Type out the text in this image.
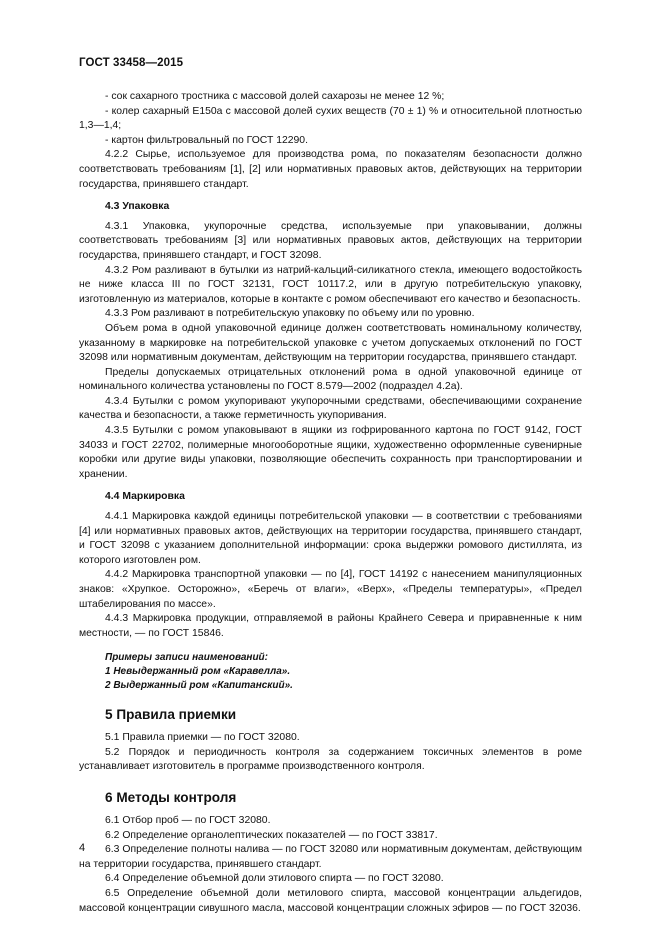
ГОСТ 33458—2015

- сок сахарного тростника с массовой долей сахарозы не менее 12 %;

- колер сахарный E150а с массовой долей сухих веществ (70 ± 1) % и относительной плотностью 1,3—1,4;

- картон фильтровальный по ГОСТ 12290.

4.2.2 Сырье, используемое для производства рома, по показателям безопасности должно соответствовать требованиям [1], [2] или нормативных правовых актов, действующих на территории государства, принявшего стандарт.

4.3 Упаковка

4.3.1 Упаковка, укупорочные средства, используемые при упаковывании, должны соответствовать требованиям [3] или нормативных правовых актов, действующих на территории государства, принявшего стандарт, и ГОСТ 32098.

4.3.2 Ром разливают в бутылки из натрий-кальций-силикатного стекла, имеющего водостойкость не ниже класса III по ГОСТ 32131, ГОСТ 10117.2, или в другую потребительскую упаковку, изготовленную из материалов, которые в контакте с ромом обеспечивают его качество и безопасность.

4.3.3 Ром разливают в потребительскую упаковку по объему или по уровню.

Объем рома в одной упаковочной единице должен соответствовать номинальному количеству, указанному в маркировке на потребительской упаковке с учетом допускаемых отклонений по ГОСТ 32098 или нормативным документам, действующим на территории государства, принявшего стандарт.

Пределы допускаемых отрицательных отклонений рома в одной упаковочной единице от номинального количества установлены по ГОСТ 8.579—2002 (подраздел 4.2а).

4.3.4 Бутылки с ромом укупоривают укупорочными средствами, обеспечивающими сохранение качества и безопасности, а также герметичность укупоривания.

4.3.5 Бутылки с ромом упаковывают в ящики из гофрированного картона по ГОСТ 9142, ГОСТ 34033 и ГОСТ 22702, полимерные многооборотные ящики, художественно оформленные сувенирные коробки или другие виды упаковки, позволяющие обеспечить сохранность при транспортировании и хранении.

4.4 Маркировка

4.4.1 Маркировка каждой единицы потребительской упаковки — в соответствии с требованиями [4] или нормативных правовых актов, действующих на территории государства, принявшего стандарт, и ГОСТ 32098 с указанием дополнительной информации: срока выдержки ромового дистиллята, из которого изготовлен ром.

4.4.2 Маркировка транспортной упаковки — по [4], ГОСТ 14192 с нанесением манипуляционных знаков: «Хрупкое. Осторожно», «Беречь от влаги», «Верх», «Пределы температуры», «Предел штабелирования по массе».

4.4.3 Маркировка продукции, отправляемой в районы Крайнего Севера и приравненные к ним местности, — по ГОСТ 15846.

Примеры записи наименований:
1 Невыдержанный ром «Каравелла».
2 Выдержанный ром «Капитанский».
5 Правила приемки

5.1 Правила приемки — по ГОСТ 32080.

5.2 Порядок и периодичность контроля за содержанием токсичных элементов в роме устанавливает изготовитель в программе производственного контроля.

6 Методы контроля

6.1 Отбор проб — по ГОСТ 32080.

6.2 Определение органолептических показателей — по ГОСТ 33817.

6.3 Определение полноты налива — по ГОСТ 32080 или нормативным документам, действующим на территории государства, принявшего стандарт.

6.4 Определение объемной доли этилового спирта — по ГОСТ 32080.

6.5 Определение объемной доли метилового спирта, массовой концентрации альдегидов, массовой концентрации сивушного масла, массовой концентрации сложных эфиров — по ГОСТ 32036.

4
